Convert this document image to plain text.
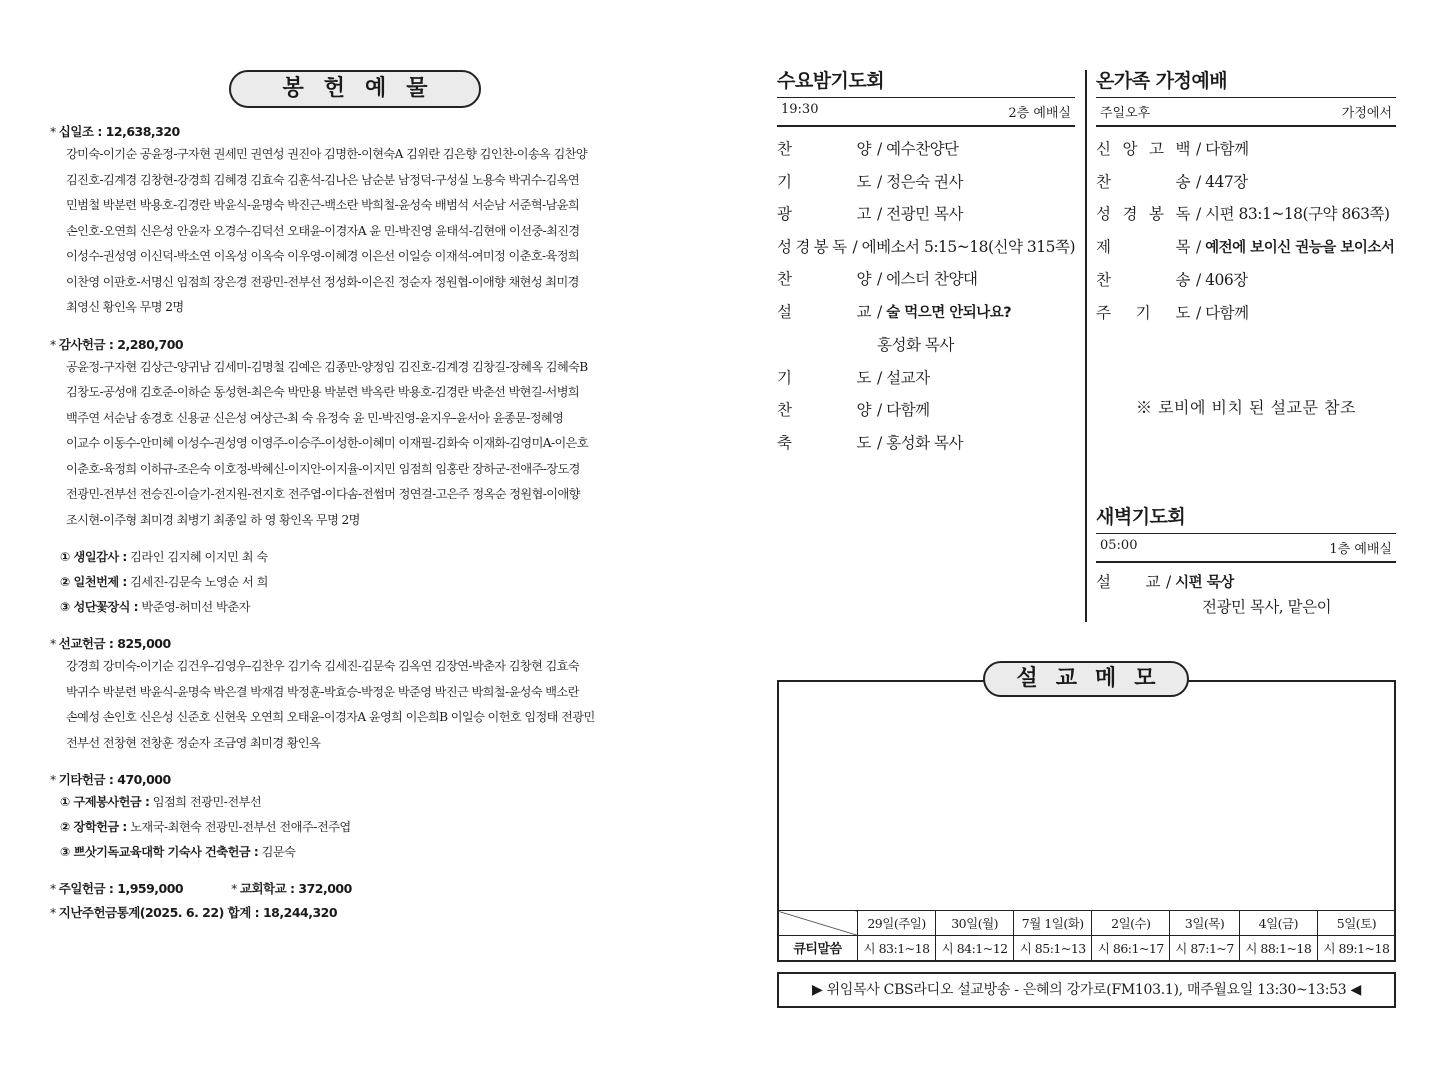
봉헌예물
* 십일조 : 12,638,320
강미숙-이기순 공윤정-구자현 권세민 권연성 권진아 김명한-이현숙A 김위란 김은향 김인찬-이송옥 김찬양
김진호-김계경 김창현-강경희 김혜경 김효숙 김훈석-김나은 남순분 남정덕-구성실 노용숙 박귀수-김옥연
민범철 박분련 박용호-김경란 박윤식-윤명숙 박진근-백소란 박희철-윤성숙 배범석 서순남 서준혁-남윤희
손인호-오연희 신은성 안윤자 오경수-김덕선 오태윤-이경자A 윤 민-박진영 윤태석-김현애 이선중-최진경
이성수-권성영 이신덕-박소연 이옥성 이옥숙 이우영-이혜경 이은선 이일승 이재석-여미정 이춘호-육정희
이찬영 이판호-서명신 임점희 장은경 전광민-전부선 정성화-이은진 정순자 정원협-이애향 채현성 최미경
최영신 황인옥 무명 2명
* 감사헌금 : 2,280,700
공윤정-구자현 김상근-양귀남 김세미-김명철 김예은 김종만-양정임 김진호-김계경 김창길-장혜옥 김혜숙B
김창도-공성애 김호준-이하순 동성현-최은숙 박만용 박분련 박옥란 박용호-김경란 박춘선 박현길-서병희
백주연 서순남 송경호 신용균 신은성 여상근-최 숙 유정숙 윤 민-박진영-윤지우-윤서아 윤종문-정혜영
이교수 이동수-안미혜 이성수-권성영 이영주-이승주-이성한-이혜미 이재필-김화숙 이재화-김영미A-이은호
이춘호-육정희 이하규-조은숙 이호정-박혜신-이지안-이지율-이지민 임점희 임홍란 장하군-전애주-장도경
전광민-전부선 전승진-이슬기-전지원-전지호 전주엽-이다솜-전썸머 정연걸-고은주 정옥순 정원협-이애향
조시현-이주형 최미경 최병기 최종일 하 영 황인옥 무명 2명
① 생일감사 : 김라인 김지혜 이지민 최 숙
② 일천번제 : 김세진-김문숙 노영순 서 희
③ 성단꽃장식 : 박준영-허미선 박춘자
* 선교헌금 : 825,000
강경희 강미숙-이기순 김건우-김영우-김찬우 김기숙 김세진-김문숙 김옥연 김장연-박춘자 김창현 김효숙
박귀수 박분련 박윤식-윤명숙 박은결 박재겸 박정훈-박효승-박정운 박준영 박진근 박희철-윤성숙 백소란
손예성 손인호 신은성 신준호 신현욱 오연희 오태윤-이경자A 윤영희 이은희B 이일승 이헌호 임정태 전광민
전부선 전창현 전창훈 정순자 조금영 최미경 황인옥
* 기타헌금 : 470,000
① 구제봉사헌금 : 임점희 전광민-전부선
② 장학헌금 : 노재국-최현숙 전광민-전부선 전애주-전주엽
③ 쁘삿기독교육대학 기숙사 건축헌금 : 김문숙
* 주일헌금 : 1,959,000	* 교회학교 : 372,000
* 지난주헌금통계(2025. 6. 22) 합계 : 18,244,320
수요밤기도회
19:30	2층 예배실
찬	양 / 예수찬양단
기	도 / 정은숙 권사
광	고 / 전광민 목사
성 경 봉 독 / 에베소서 5:15~18(신약 315쪽)
찬	양 / 에스더 찬양대
설	교 / 술 먹으면 안되나요?
홍성화 목사
기	도 / 설교자
찬	양 / 다함께
축	도 / 홍성화 목사
온가족 가정예배
주일오후	가정에서
신 앙 고 백 / 다함께
찬	송 / 447장
성 경 봉 독 / 시편 83:1~18(구약 863쪽)
제	목 / 예전에 보이신 권능을 보이소서
찬	송 / 406장
주 기 도 / 다함께
※ 로비에 비치 된 설교문 참조
새벽기도회
05:00	1층 예배실
설 교 / 시편 묵상
전광민 목사, 맡은이
설교메모
	29일(주일)	30일(월)	7월 1일(화)	2일(수)	3일(목)	4일(금)	5일(토)
큐티말씀	시 83:1~18	시 84:1~12	시 85:1~13	시 86:1~17	시 87:1~7	시 88:1~18	시 89:1~18
▶ 위임목사 CBS라디오 설교방송 - 은혜의 강가로(FM103.1), 매주월요일 13:30~13:53 ◀
